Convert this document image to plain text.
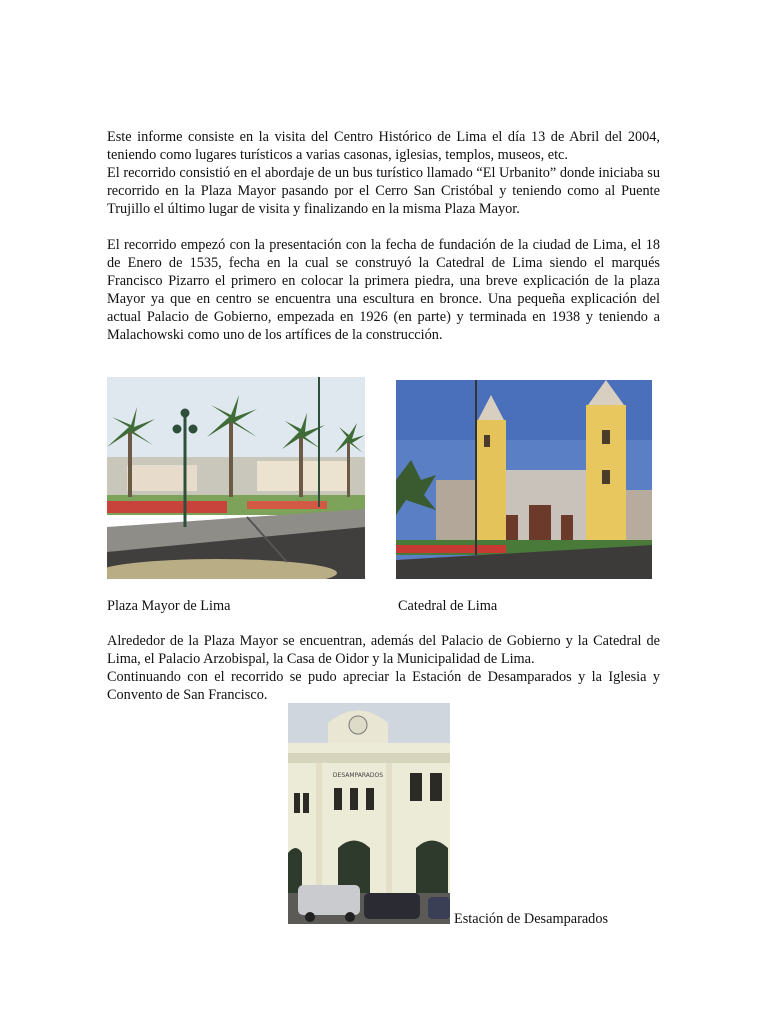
Este informe consiste en la visita del Centro Histórico de Lima el día 13 de Abril del 2004, teniendo como lugares turísticos a varias casonas, iglesias, templos, museos, etc.

El recorrido consistió en el abordaje de un bus turístico llamado “El Urbanito” donde iniciaba su recorrido en la Plaza Mayor pasando por el Cerro San Cristóbal y teniendo como al Puente Trujillo el último lugar de visita y finalizando en la misma Plaza Mayor.

El recorrido empezó con la presentación con la fecha de fundación de la ciudad de Lima, el 18 de Enero de 1535, fecha en la cual se construyó la Catedral de Lima siendo el marqués Francisco Pizarro el primero en colocar la primera piedra, una breve explicación de la plaza Mayor ya que en centro se encuentra una escultura en bronce. Una pequeña explicación del actual Palacio de Gobierno, empezada en 1926 (en parte) y terminada en 1938 y teniendo a Malachowski como uno de los artífices de la construcción.

Plaza Mayor de Lima	Catedral de Lima

Alrededor de la Plaza Mayor se encuentran, además del Palacio de Gobierno y la Catedral de Lima, el Palacio Arzobispal, la Casa de Oidor y la Municipalidad de Lima.

Continuando con el recorrido se pudo apreciar la Estación de Desamparados y la Iglesia y Convento de San Francisco.

DESAMPARADOS
Estación de Desamparados
